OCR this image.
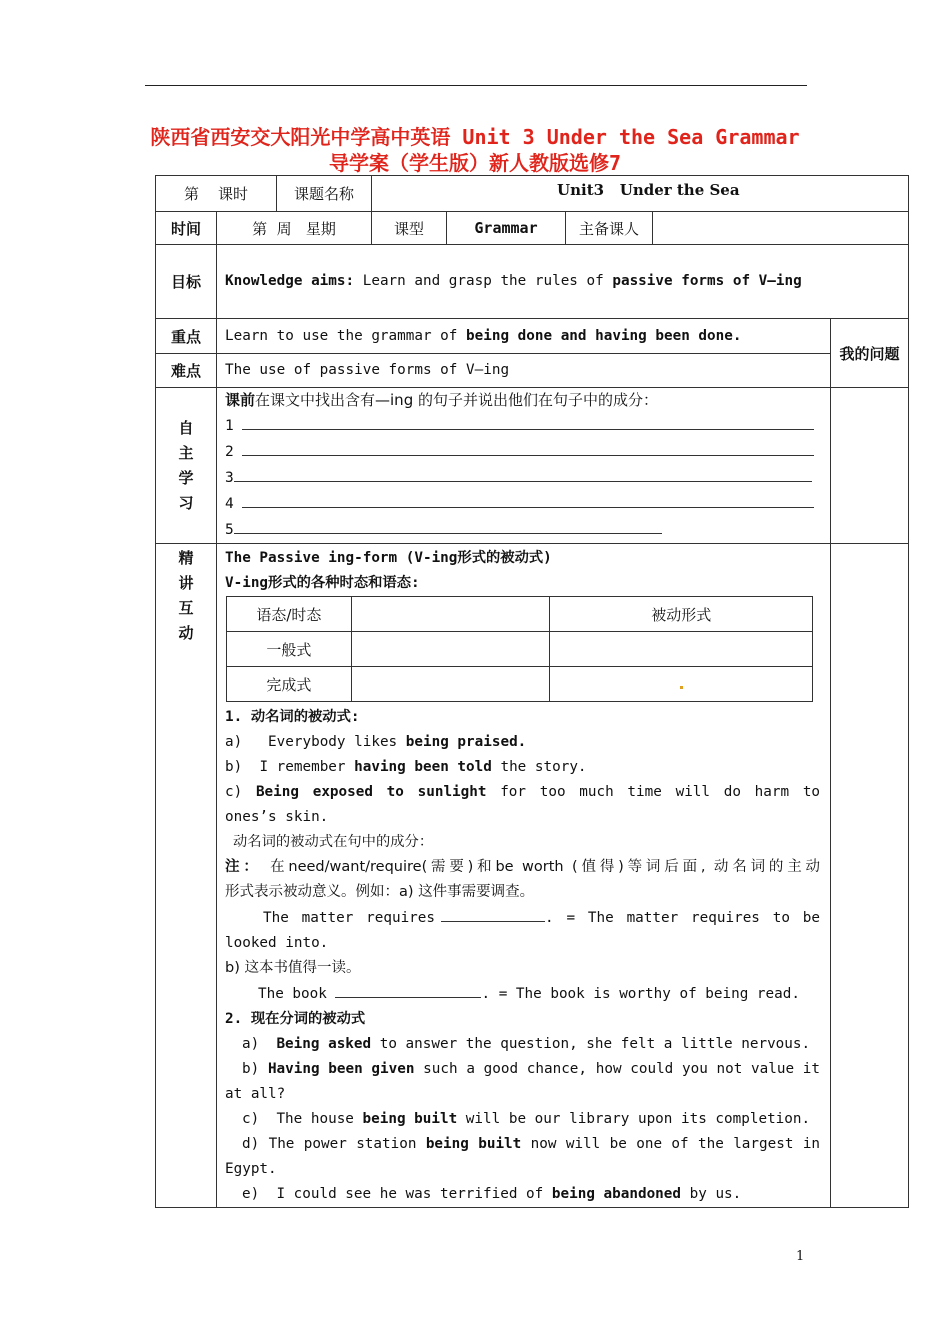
陕西省西安交大阳光中学高中英语 Unit 3 Under the Sea Grammar
导学案（学生版）新人教版选修7
第    课时	课题名称	Unit3   Under the Sea
时间	第  周   星期	课型	Grammar	主备课人	
目标	Knowledge aims: Learn and grasp the rules of passive forms of V–ing
重点	Learn to use the grammar of being done and having been done.	我的问题
难点	The use of passive forms of V–ing

自
主
学
习

课前在课文中找出含有—ing 的句子并说出他们在句子中的成分：
1
2
3
4
5

精
讲
互
动

The Passive ing-form (V-ing形式的被动式)
V-ing形式的各种时态和语态:
语态/时态		被动形式
一般式		
完成式		
1. 动名词的被动式:
a) Everybody likes being praised.
b) I remember having been told the story.
c) Being exposed to sunlight for too much time will do harm to
ones’s skin.
动名词的被动式在句中的成分：
注： 在need/want/require(需要)和be worth (值得)等词后面, 动名词的主动
形式表示被动意义。例如：a) 这件事需要调查。
The matter requires	. = The matter requires to be
looked into.
b) 这本书值得一读。
The book	. = The book is worthy of being read.
2. 现在分词的被动式
a) Being asked to answer the question, she felt a little nervous.
b) Having been given such a good chance, how could you not value it
at all?
c) The house being built will be our library upon its completion.
d) The power station being built now will be one of the largest in
Egypt.
e) I could see he was terrified of being abandoned by us.

1
